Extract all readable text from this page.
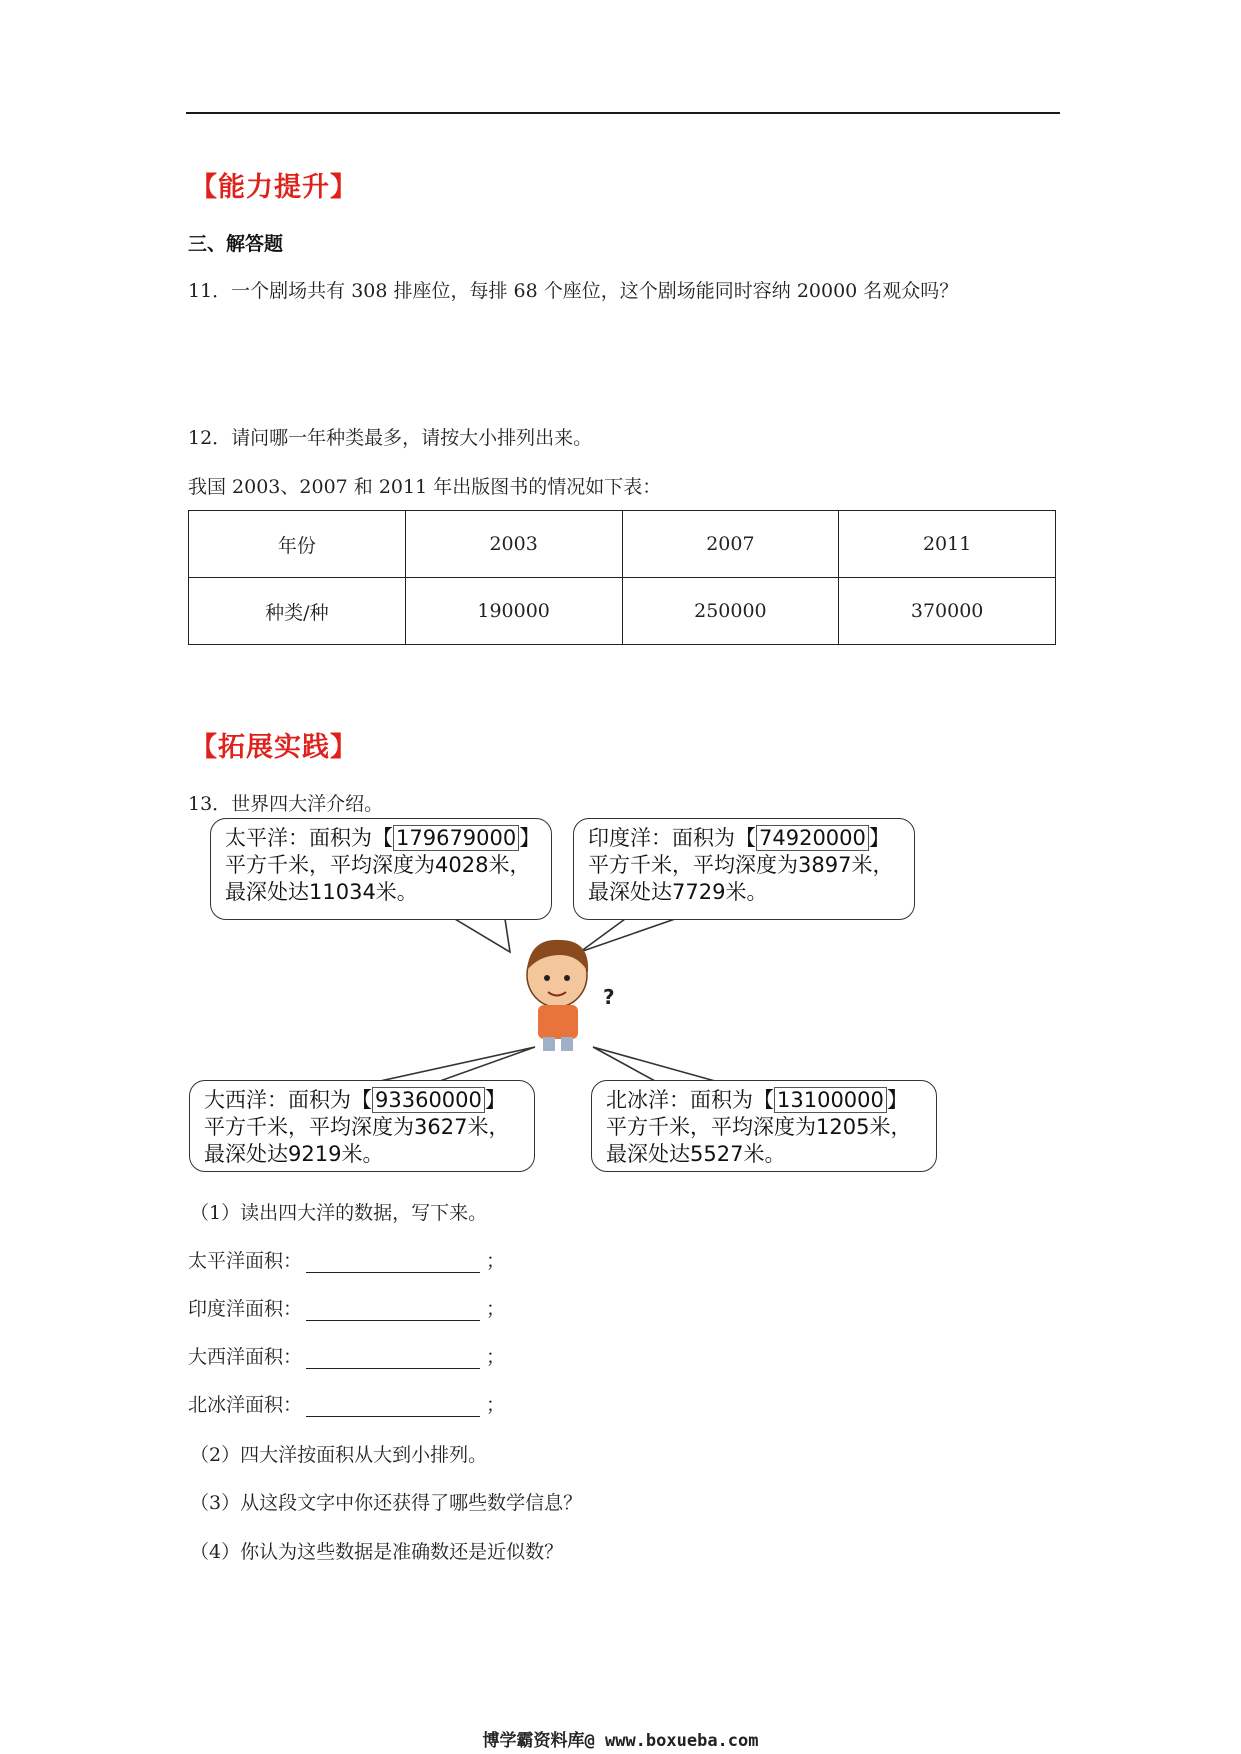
【能力提升】
三、解答题
11．一个剧场共有 308 排座位，每排 68 个座位，这个剧场能同时容纳 20000 名观众吗？
12．请问哪一年种类最多，请按大小排列出来。
我国 2003、2007 和 2011 年出版图书的情况如下表：
年份	2003	2007	2011
种类/种	190000	250000	370000
【拓展实践】
13．世界四大洋介绍。
?
太平洋：面积为【 179679000 】平方千米，平均深度为4028米，最深处达11034米。
印度洋：面积为【 74920000 】平方千米，平均深度为3897米，最深处达7729米。
大西洋：面积为【 93360000 】平方千米，平均深度为3627米，最深处达9219米。
北冰洋：面积为【 13100000 】平方千米，平均深度为1205米，最深处达5527米。
（1）读出四大洋的数据，写下来。
太平洋面积：	；
印度洋面积：	；
大西洋面积：	；
北冰洋面积：	；
（2）四大洋按面积从大到小排列。
（3）从这段文字中你还获得了哪些数学信息？
（4）你认为这些数据是准确数还是近似数？
博学霸资料库@ www.boxueba.com
